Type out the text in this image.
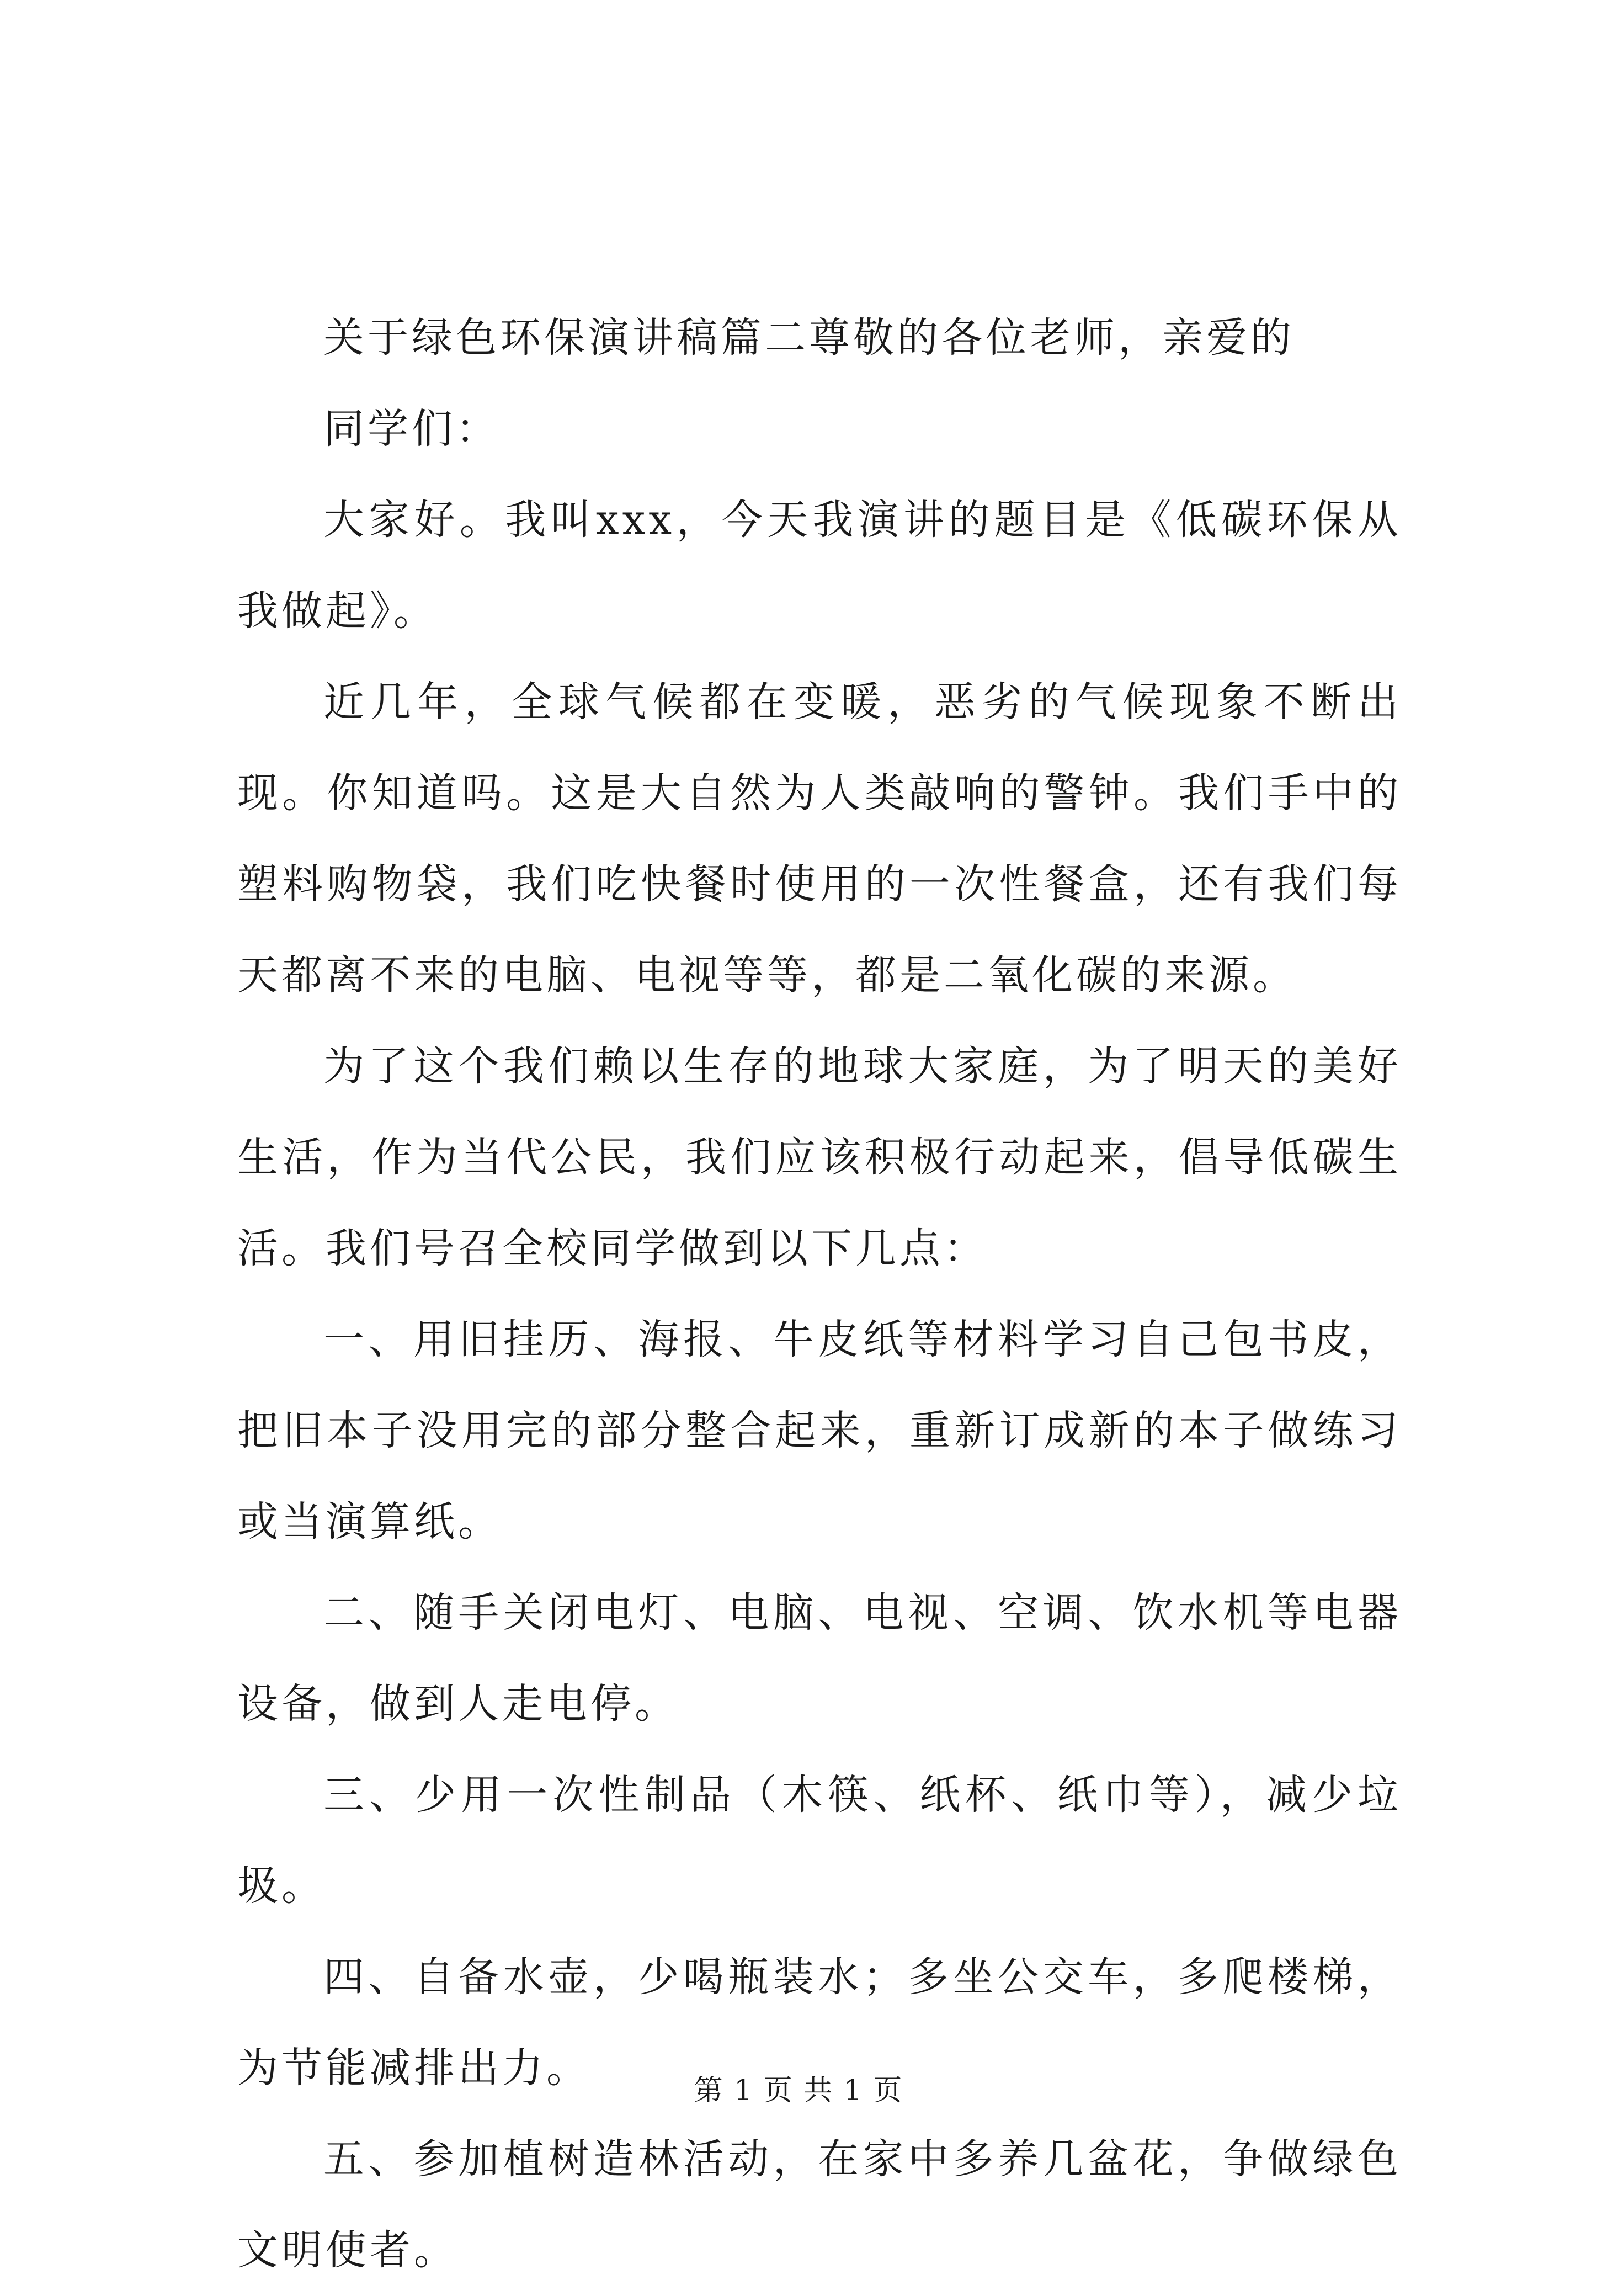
关于绿色环保演讲稿篇二尊敬的各位老师，亲爱的

同学们：

大家好。我叫xxx，今天我演讲的题目是《低碳环保从我做起》。

近几年，全球气候都在变暖，恶劣的气候现象不断出现。你知道吗。这是大自然为人类敲响的警钟。我们手中的塑料购物袋，我们吃快餐时使用的一次性餐盒，还有我们每天都离不来的电脑、电视等等，都是二氧化碳的来源。

为了这个我们赖以生存的地球大家庭，为了明天的美好生活，作为当代公民，我们应该积极行动起来，倡导低碳生活。我们号召全校同学做到以下几点：

一、用旧挂历、海报、牛皮纸等材料学习自己包书皮，把旧本子没用完的部分整合起来，重新订成新的本子做练习或当演算纸。

二、随手关闭电灯、电脑、电视、空调、饮水机等电器设备，做到人走电停。

三、少用一次性制品（木筷、纸杯、纸巾等），减少垃圾。

四、自备水壶，少喝瓶装水；多坐公交车，多爬楼梯，为节能减排出力。

五、参加植树造林活动，在家中多养几盆花，争做绿色文明使者。

第 1 页 共 1 页
